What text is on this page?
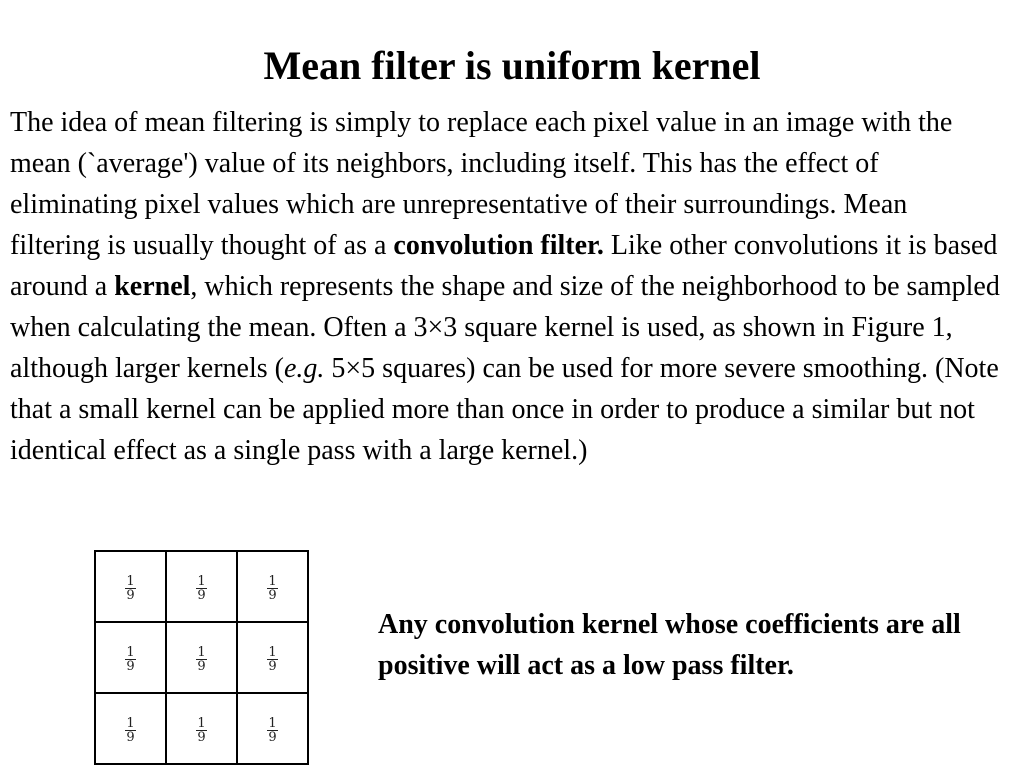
Mean filter is uniform kernel

The idea of mean filtering is simply to replace each pixel value in an image with the mean (`average') value of its neighbors, including itself. This has the effect of eliminating pixel values which are unrepresentative of their surroundings. Mean filtering is usually thought of as a convolution filter. Like other convolutions it is based around a kernel, which represents the shape and size of the neighborhood to be sampled when calculating the mean. Often a 3×3 square kernel is used, as shown in Figure 1, although larger kernels (e.g. 5×5 squares) can be used for more severe smoothing. (Note that a small kernel can be applied more than once in order to produce a similar but not identical effect as a single pass with a large kernel.)

$\frac{1}{9}$	$\frac{1}{9}$	$\frac{1}{9}$

$\frac{1}{9}$	$\frac{1}{9}$	$\frac{1}{9}$

$\frac{1}{9}$	$\frac{1}{9}$	$\frac{1}{9}$

Any convolution kernel whose coefficients are all positive will act as a low pass filter.
